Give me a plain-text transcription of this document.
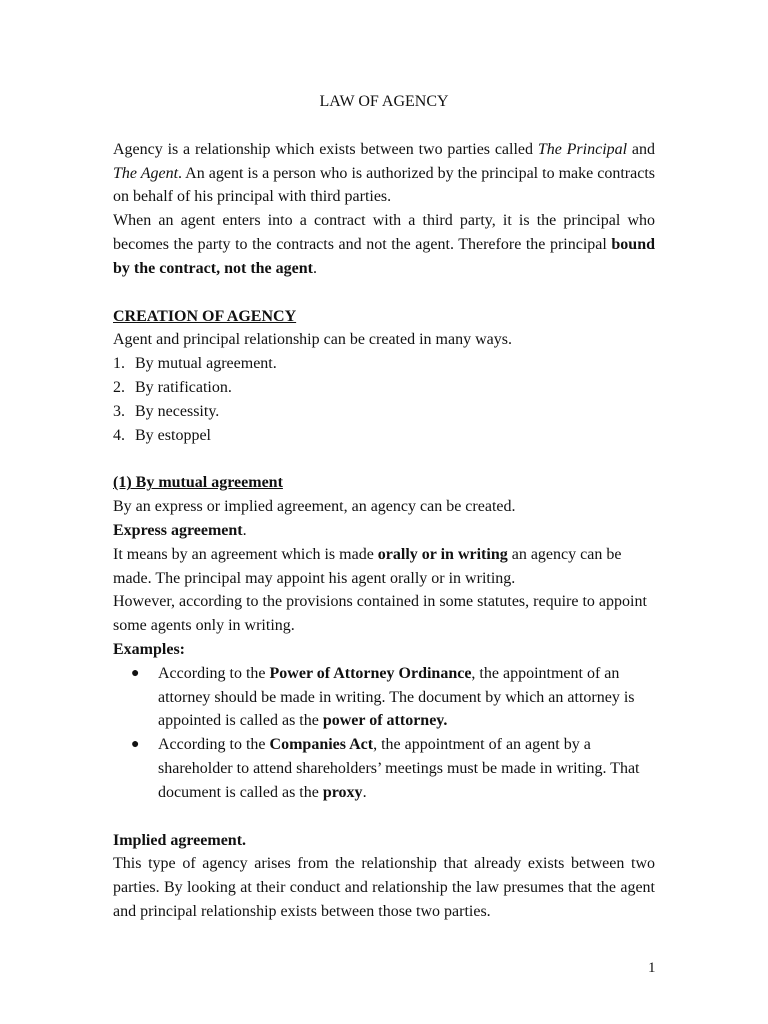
LAW OF AGENCY

Agency is a relationship which exists between two parties called The Principal and The Agent. An agent is a person who is authorized by the principal to make contracts on behalf of his principal with third parties.

When an agent enters into a contract with a third party, it is the principal who becomes the party to the contracts and not the agent. Therefore the principal bound by the contract, not the agent.

CREATION OF AGENCY

Agent and principal relationship can be created in many ways.

1. By mutual agreement.
2. By ratification.
3. By necessity.
4. By estoppel

(1) By mutual agreement

By an express or implied agreement, an agency can be created.

Express agreement.

It means by an agreement which is made orally or in writing an agency can be made. The principal may appoint his agent orally or in writing.

However, according to the provisions contained in some statutes, require to appoint some agents only in writing.

Examples:

● According to the Power of Attorney Ordinance, the appointment of an attorney should be made in writing. The document by which an attorney is appointed is called as the power of attorney.
● According to the Companies Act, the appointment of an agent by a shareholder to attend shareholders’ meetings must be made in writing. That document is called as the proxy.

Implied agreement.

This type of agency arises from the relationship that already exists between two parties. By looking at their conduct and relationship the law presumes that the agent and principal relationship exists between those two parties.

1
